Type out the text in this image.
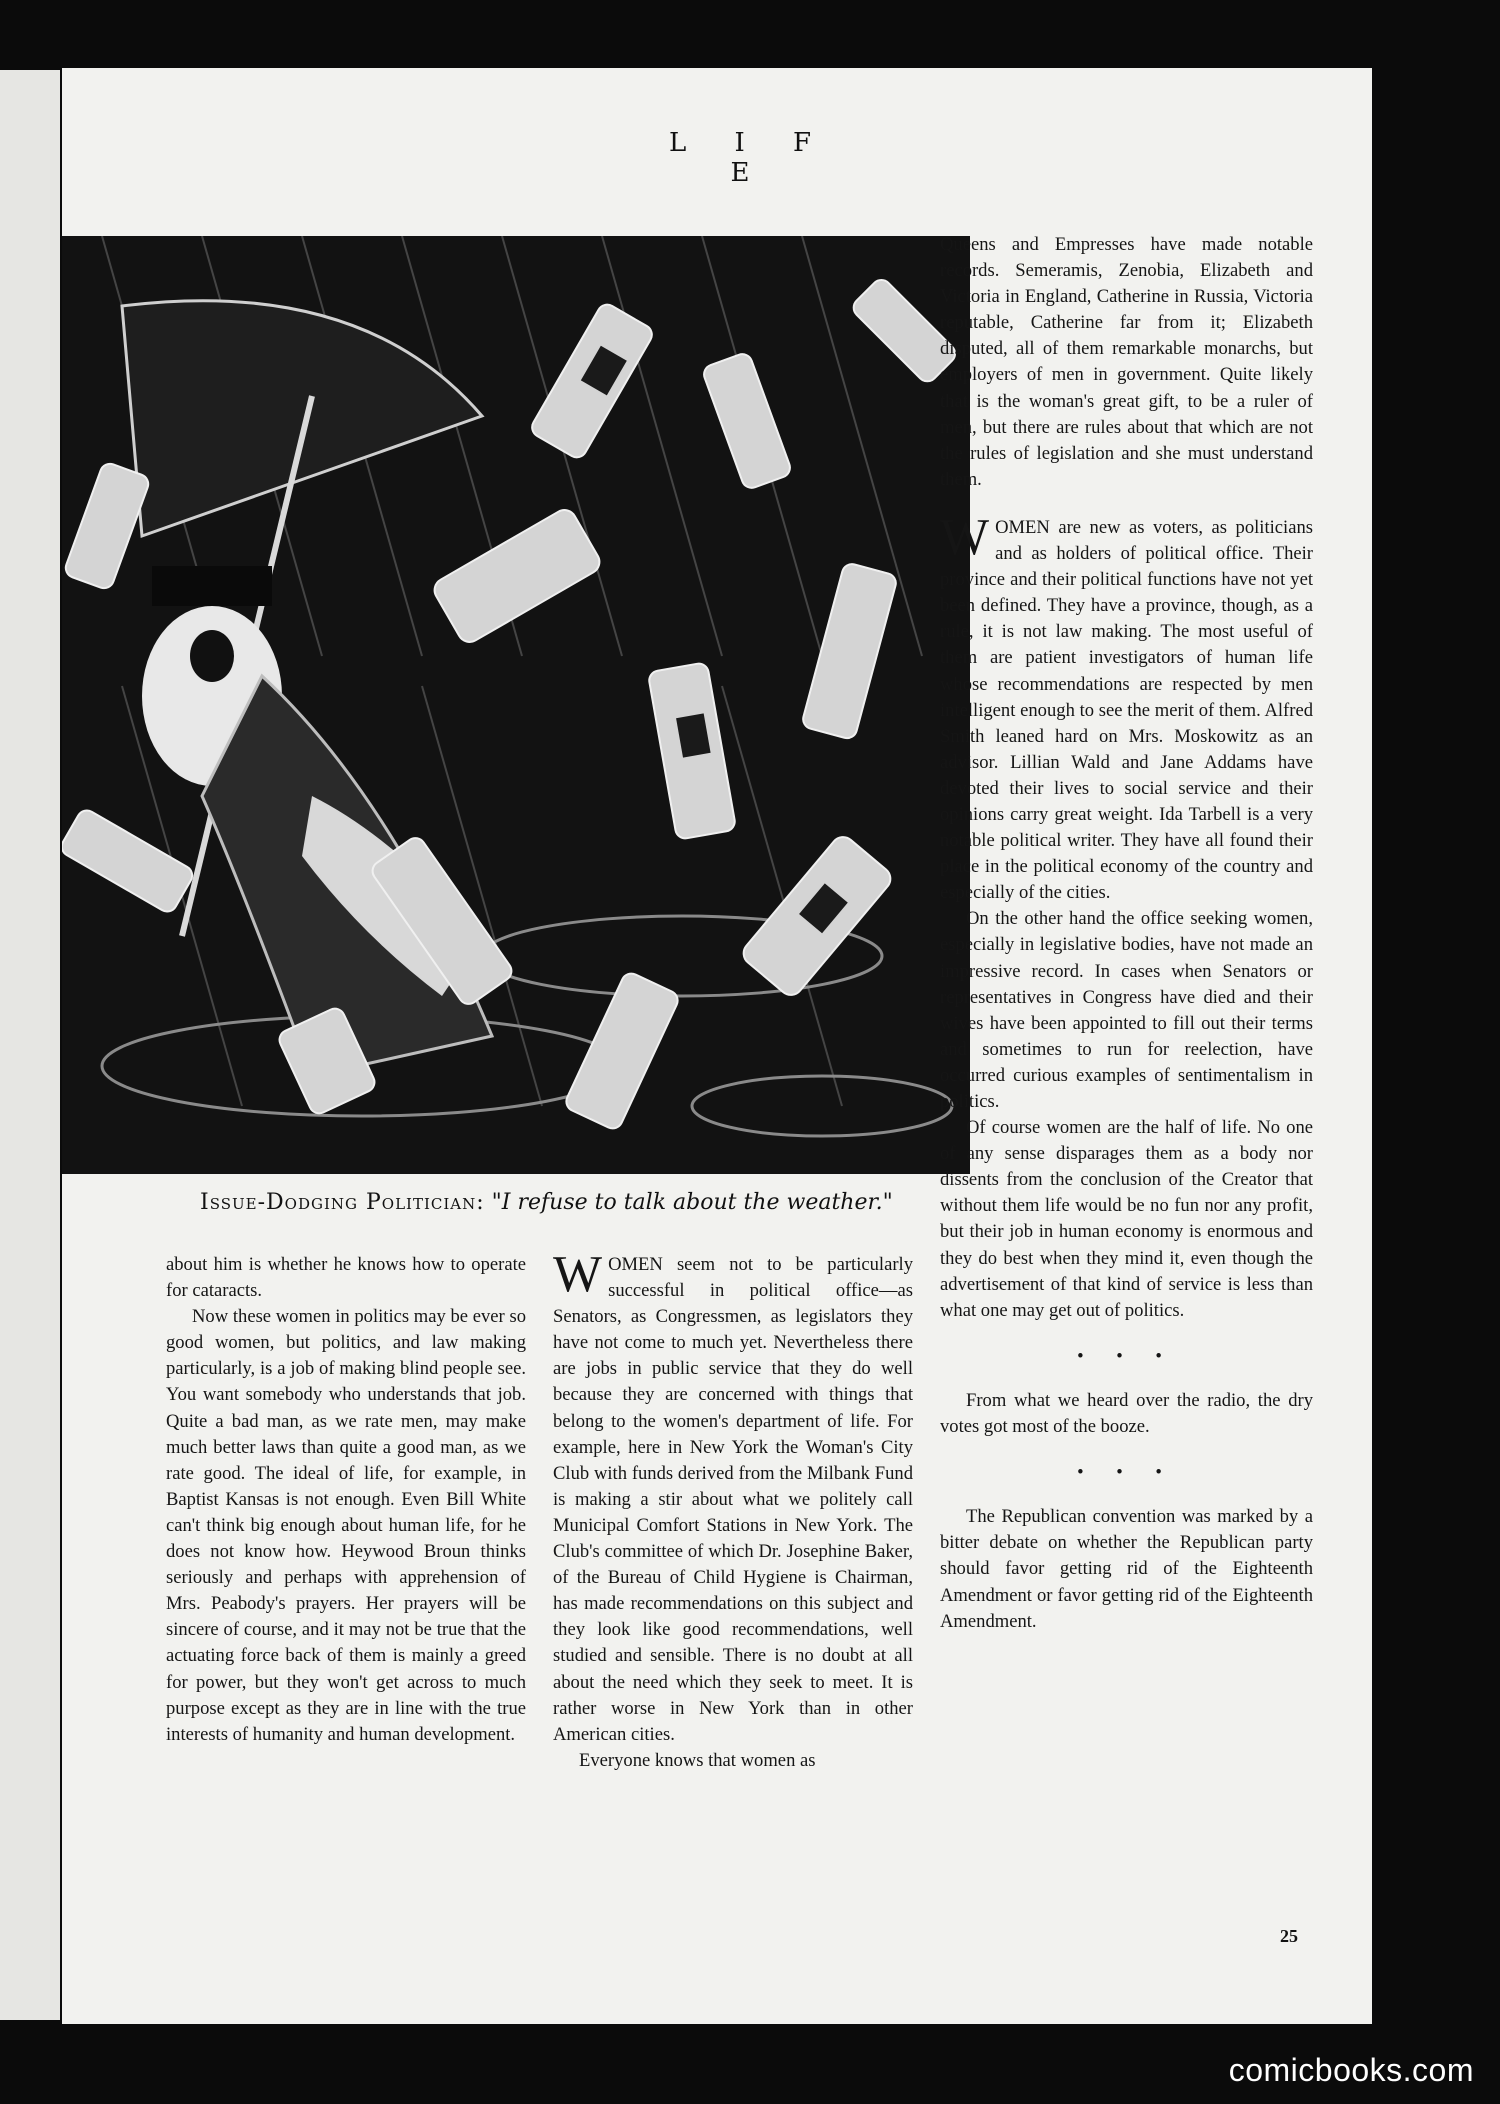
L I F E
Issue-Dodging Politician: "I refuse to talk about the weather."

about him is whether he knows how to operate for cataracts.

Now these women in politics may be ever so good women, but politics, and law making particularly, is a job of making blind people see. You want somebody who understands that job. Quite a bad man, as we rate men, may make much better laws than quite a good man, as we rate good. The ideal of life, for example, in Baptist Kansas is not enough. Even Bill White can't think big enough about human life, for he does not know how. Heywood Broun thinks seriously and perhaps with apprehension of Mrs. Peabody's prayers. Her prayers will be sincere of course, and it may not be true that the actuating force back of them is mainly a greed for power, but they won't get across to much purpose except as they are in line with the true interests of humanity and human development.

WOMEN seem not to be particularly successful in political office—as Senators, as Congressmen, as legislators they have not come to much yet. Nevertheless there are jobs in public service that they do well because they are concerned with things that belong to the women's department of life. For example, here in New York the Woman's City Club with funds derived from the Milbank Fund is making a stir about what we politely call Municipal Comfort Stations in New York. The Club's committee of which Dr. Josephine Baker, of the Bureau of Child Hygiene is Chairman, has made recommendations on this subject and they look like good recommendations, well studied and sensible. There is no doubt at all about the need which they seek to meet. It is rather worse in New York than in other American cities.

Everyone knows that women as

Queens and Empresses have made notable records. Semeramis, Zenobia, Elizabeth and Victoria in England, Catherine in Russia, Victoria reputable, Catherine far from it; Elizabeth disputed, all of them remarkable monarchs, but employers of men in government. Quite likely that is the woman's great gift, to be a ruler of men, but there are rules about that which are not the rules of legislation and she must understand them.

WOMEN are new as voters, as politicians and as holders of political office. Their province and their political functions have not yet been defined. They have a province, though, as a rule, it is not law making. The most useful of them are patient investigators of human life whose recommendations are respected by men intelligent enough to see the merit of them. Alfred Smith leaned hard on Mrs. Moskowitz as an advisor. Lillian Wald and Jane Addams have devoted their lives to social service and their opinions carry great weight. Ida Tarbell is a very notable political writer. They have all found their place in the political economy of the country and especially of the cities.

On the other hand the office seeking women, especially in legislative bodies, have not made an impressive record. In cases when Senators or representatives in Congress have died and their wives have been appointed to fill out their terms and sometimes to run for reelection, have occurred curious examples of sentimentalism in politics.

Of course women are the half of life. No one of any sense disparages them as a body nor dissents from the conclusion of the Creator that without them life would be no fun nor any profit, but their job in human economy is enormous and they do best when they mind it, even though the advertisement of that kind of service is less than what one may get out of politics.

• • •

From what we heard over the radio, the dry votes got most of the booze.

• • •

The Republican convention was marked by a bitter debate on whether the Republican party should favor getting rid of the Eighteenth Amendment or favor getting rid of the Eighteenth Amendment.

25
comicbooks.com
